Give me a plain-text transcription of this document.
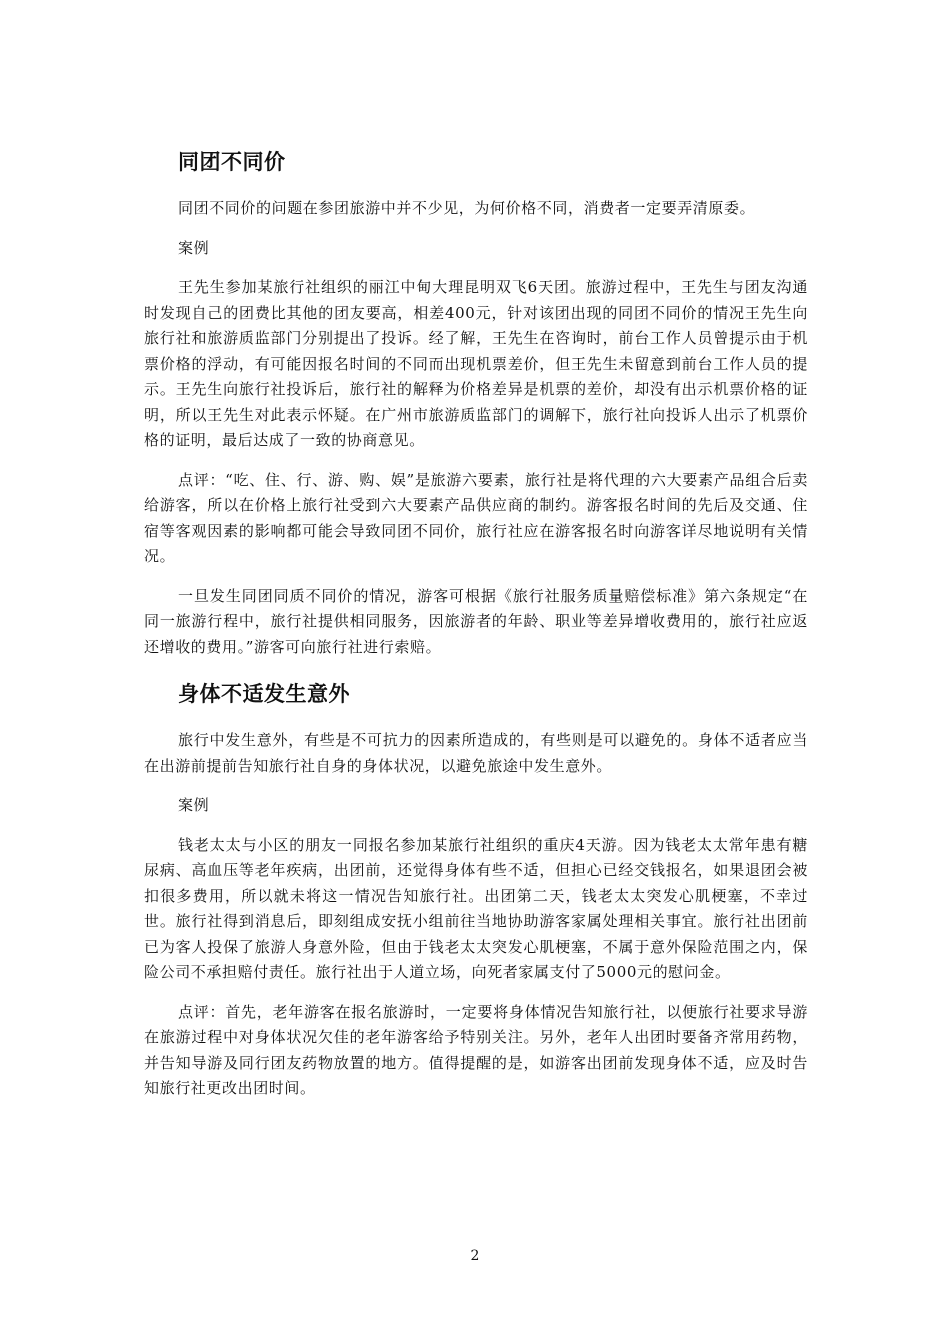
同团不同价

同团不同价的问题在参团旅游中并不少见，为何价格不同，消费者一定要弄清原委。

案例

王先生参加某旅行社组织的丽江中甸大理昆明双飞6天团。旅游过程中，王先生与团友沟通时发现自己的团费比其他的团友要高，相差400元，针对该团出现的同团不同价的情况王先生向旅行社和旅游质监部门分别提出了投诉。经了解，王先生在咨询时，前台工作人员曾提示由于机票价格的浮动，有可能因报名时间的不同而出现机票差价，但王先生未留意到前台工作人员的提示。王先生向旅行社投诉后，旅行社的解释为价格差异是机票的差价，却没有出示机票价格的证明，所以王先生对此表示怀疑。在广州市旅游质监部门的调解下，旅行社向投诉人出示了机票价格的证明，最后达成了一致的协商意见。

点评：“吃、住、行、游、购、娱”是旅游六要素，旅行社是将代理的六大要素产品组合后卖给游客，所以在价格上旅行社受到六大要素产品供应商的制约。游客报名时间的先后及交通、住宿等客观因素的影响都可能会导致同团不同价，旅行社应在游客报名时向游客详尽地说明有关情况。

一旦发生同团同质不同价的情况，游客可根据《旅行社服务质量赔偿标准》第六条规定“在同一旅游行程中，旅行社提供相同服务，因旅游者的年龄、职业等差异增收费用的，旅行社应返还增收的费用。”游客可向旅行社进行索赔。

身体不适发生意外

旅行中发生意外，有些是不可抗力的因素所造成的，有些则是可以避免的。身体不适者应当在出游前提前告知旅行社自身的身体状况，以避免旅途中发生意外。

案例

钱老太太与小区的朋友一同报名参加某旅行社组织的重庆4天游。因为钱老太太常年患有糖尿病、高血压等老年疾病，出团前，还觉得身体有些不适，但担心已经交钱报名，如果退团会被扣很多费用，所以就未将这一情况告知旅行社。出团第二天，钱老太太突发心肌梗塞，不幸过世。旅行社得到消息后，即刻组成安抚小组前往当地协助游客家属处理相关事宜。旅行社出团前已为客人投保了旅游人身意外险，但由于钱老太太突发心肌梗塞，不属于意外保险范围之内，保险公司不承担赔付责任。旅行社出于人道立场，向死者家属支付了5000元的慰问金。

点评：首先，老年游客在报名旅游时，一定要将身体情况告知旅行社，以便旅行社要求导游在旅游过程中对身体状况欠佳的老年游客给予特别关注。另外，老年人出团时要备齐常用药物，并告知导游及同行团友药物放置的地方。值得提醒的是，如游客出团前发现身体不适，应及时告知旅行社更改出团时间。

2
